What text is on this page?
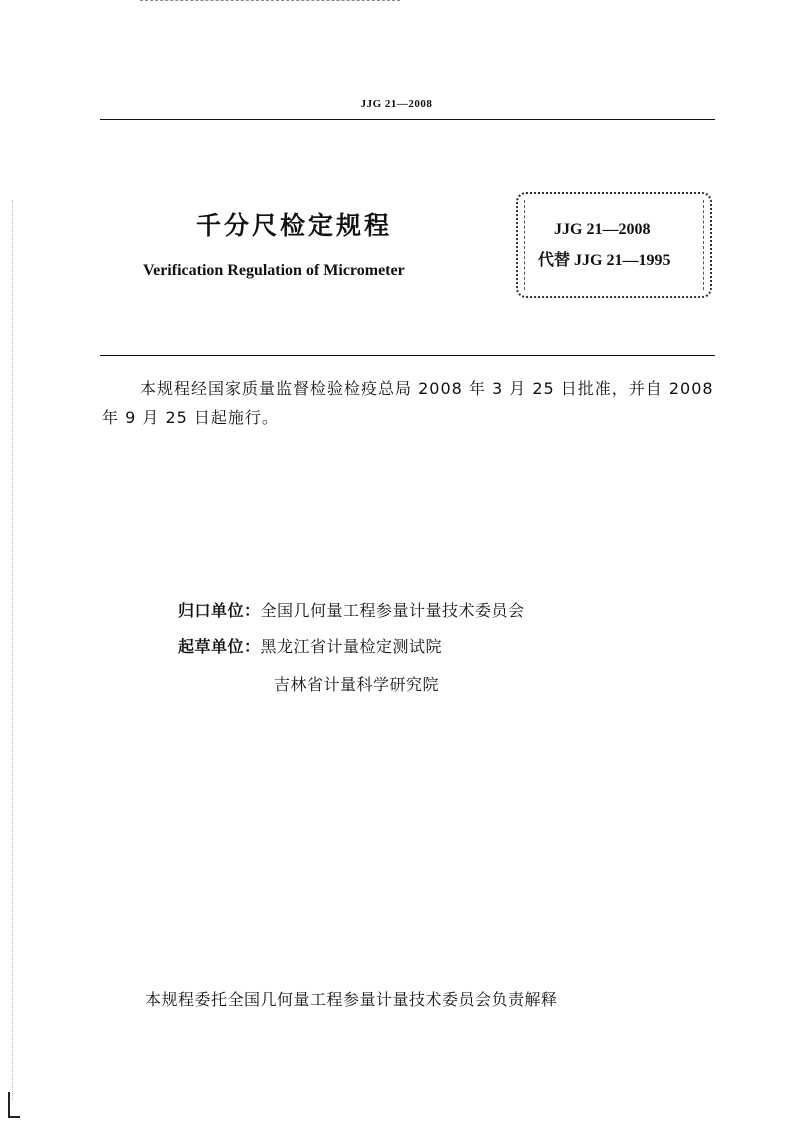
JJG 21—2008
千分尺检定规程
Verification Regulation of Micrometer
JJG 21—2008
代替 JJG 21—1995
本规程经国家质量监督检验检疫总局 2008 年 3 月 25 日批准，并自 2008 年 9 月 25 日起施行。
归口单位：全国几何量工程参量计量技术委员会
起草单位：黑龙江省计量检定测试院
吉林省计量科学研究院
本规程委托全国几何量工程参量计量技术委员会负责解释
